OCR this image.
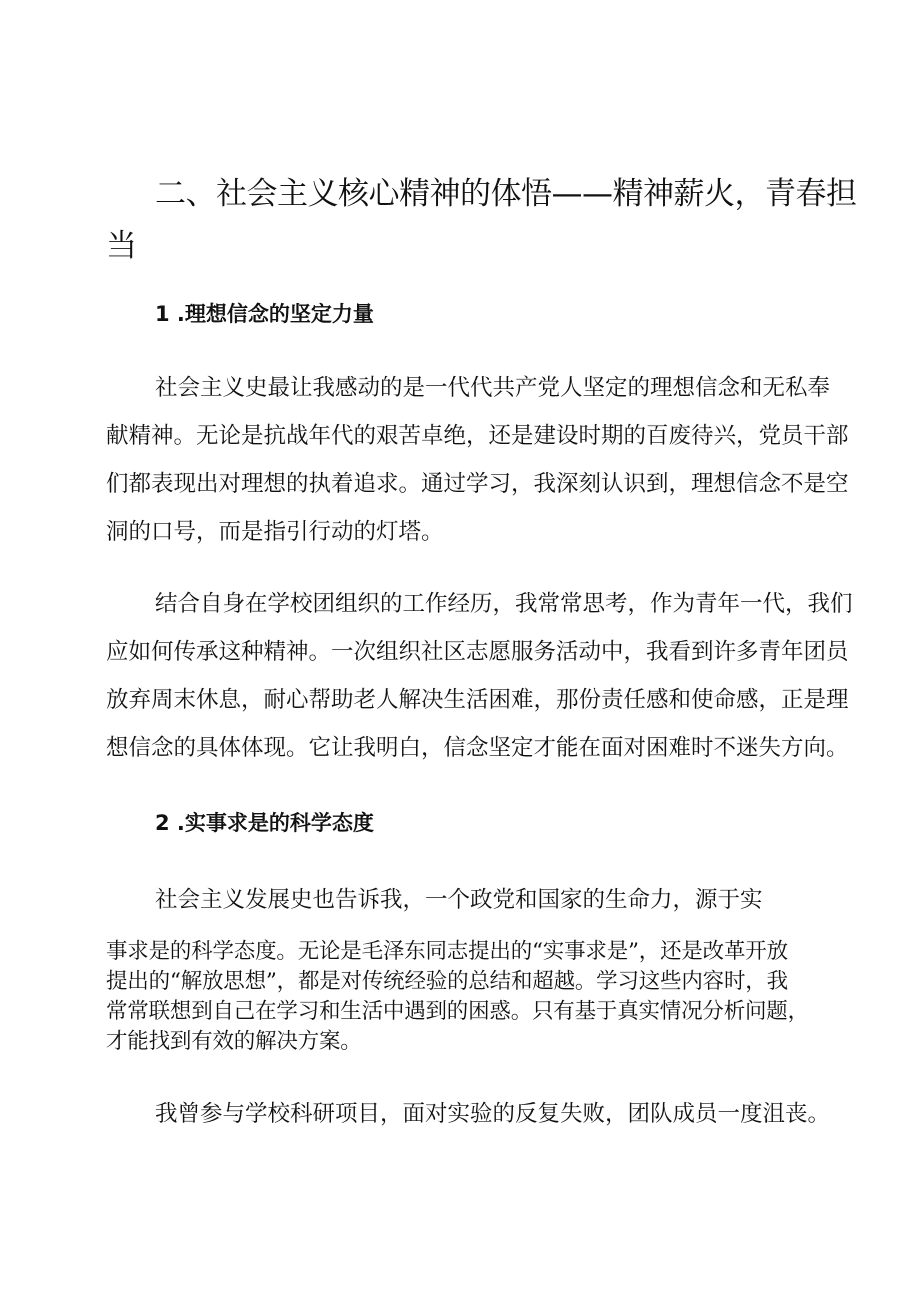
二、社会主义核心精神的体悟——精神薪火，青春担

当

1 .理想信念的坚定力量

社会主义史最让我感动的是一代代共产党人坚定的理想信念和无私奉

献精神。无论是抗战年代的艰苦卓绝，还是建设时期的百废待兴，党员干部

们都表现出对理想的执着追求。通过学习，我深刻认识到，理想信念不是空

洞的口号，而是指引行动的灯塔。

结合自身在学校团组织的工作经历，我常常思考，作为青年一代，我们

应如何传承这种精神。一次组织社区志愿服务活动中，我看到许多青年团员

放弃周末休息，耐心帮助老人解决生活困难，那份责任感和使命感，正是理

想信念的具体体现。它让我明白，信念坚定才能在面对困难时不迷失方向。

2 .实事求是的科学态度

社会主义发展史也告诉我，一个政党和国家的生命力，源于实

事求是的科学态度。无论是毛泽东同志提出的“实事求是”，还是改革开放

提出的“解放思想”，都是对传统经验的总结和超越。学习这些内容时，我

常常联想到自己在学习和生活中遇到的困惑。只有基于真实情况分析问题，

才能找到有效的解决方案。

我曾参与学校科研项目，面对实验的反复失败，团队成员一度沮丧。
